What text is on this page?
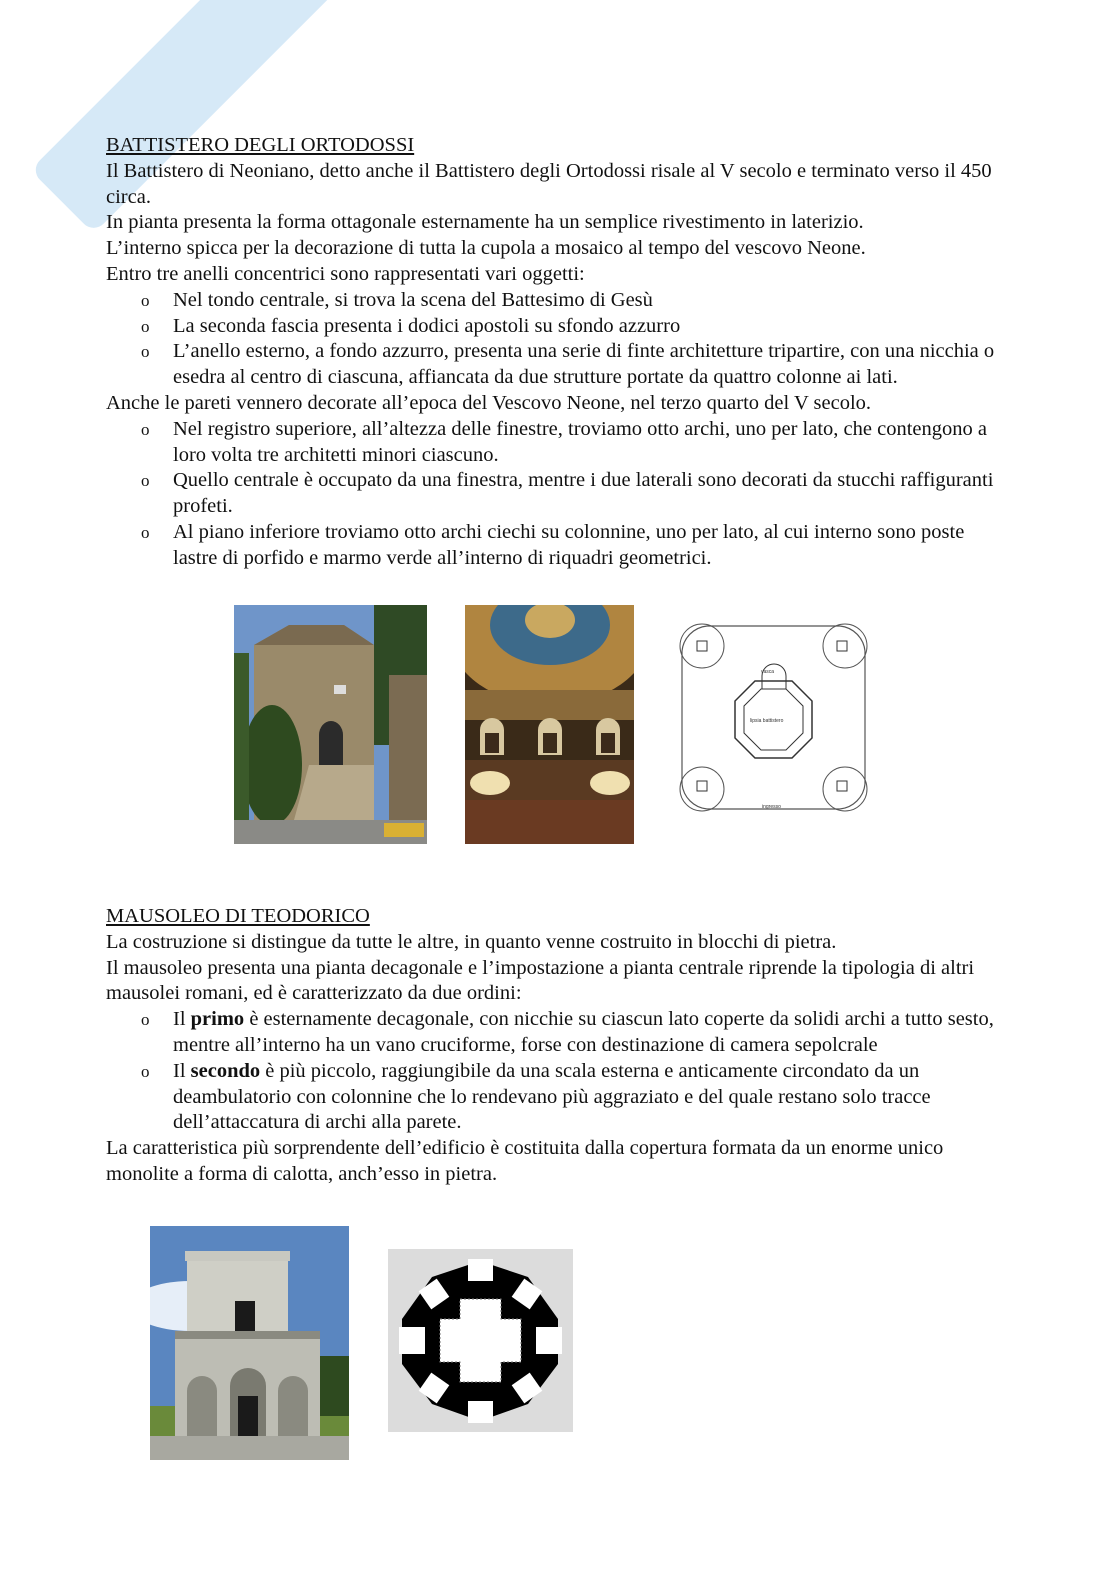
BATTISTERO DEGLI ORTODOSSI

Il Battistero di Neoniano, detto anche il Battistero degli Ortodossi risale al V secolo e terminato verso il 450 circa.

In pianta presenta la forma ottagonale esternamente ha un semplice rivestimento in laterizio.

L’interno spicca per la decorazione di tutta la cupola a mosaico al tempo del vescovo Neone.

Entro tre anelli concentrici sono rappresentati vari oggetti:

o Nel tondo centrale, si trova la scena del Battesimo di Gesù
o La seconda fascia presenta i dodici apostoli su sfondo azzurro
o L’anello esterno, a fondo azzurro, presenta una serie di finte architetture tripartire, con una nicchia o esedra al centro di ciascuna, affiancata da due strutture portate da quattro colonne ai lati.

Anche le pareti vennero decorate all’epoca del Vescovo Neone, nel terzo quarto del V secolo.

o Nel registro superiore, all’altezza delle finestre, troviamo otto archi, uno per lato, che contengono a loro volta tre architetti minori ciascuno.
o Quello centrale è occupato da una finestra, mentre i due laterali sono decorati da stucchi raffiguranti profeti.
o Al piano inferiore troviamo otto archi ciechi su colonnine, uno per lato, al cui interno sono poste lastre di porfido e marmo verde all’interno di riquadri geometrici.
vasca
lipsia battistero
ingresso

MAUSOLEO DI TEODORICO

La costruzione si distingue da tutte le altre, in quanto venne costruito in blocchi di pietra.

Il mausoleo presenta una pianta decagonale e l’impostazione a pianta centrale riprende la tipologia di altri mausolei romani, ed è caratterizzato da due ordini:

o Il primo è esternamente decagonale, con nicchie su ciascun lato coperte da solidi archi a tutto sesto, mentre all’interno ha un vano cruciforme, forse con destinazione di camera sepolcrale
o Il secondo è più piccolo, raggiungibile da una scala esterna e anticamente circondato da un deambulatorio con colonnine che lo rendevano più aggraziato e del quale restano solo tracce dell’attaccatura di archi alla parete.

La caratteristica più sorprendente dell’edificio è costituita dalla copertura formata da un enorme unico monolite a forma di calotta, anch’esso in pietra.
